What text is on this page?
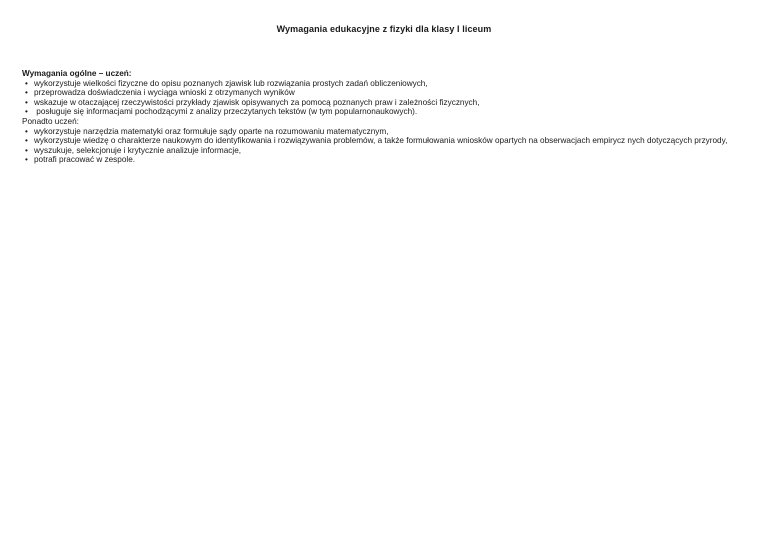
Wymagania edukacyjne z fizyki dla klasy I liceum

Wymagania ogólne – uczeń:

• wykorzystuje wielkości fizyczne do opisu poznanych zjawisk lub rozwiązania prostych zadań obliczeniowych,
• przeprowadza doświadczenia i wyciąga wnioski z otrzymanych wyników
• wskazuje w otaczającej rzeczywistości przykłady zjawisk opisywanych za pomocą poznanych praw i zależności fizycznych,
• posługuje się informacjami pochodzącymi z analizy przeczytanych tekstów (w tym popularnonaukowych).

Ponadto uczeń:

• wykorzystuje narzędzia matematyki oraz formułuje sądy oparte na rozumowaniu matematycznym,
• wykorzystuje wiedzę o charakterze naukowym do identyfikowania i rozwiązywania problemów, a także formułowania wniosków opartych na obserwacjach empirycz nych dotyczących przyrody,
• wyszukuje, selekcjonuje i krytycznie analizuje informacje,
• potrafi pracować w zespole.
